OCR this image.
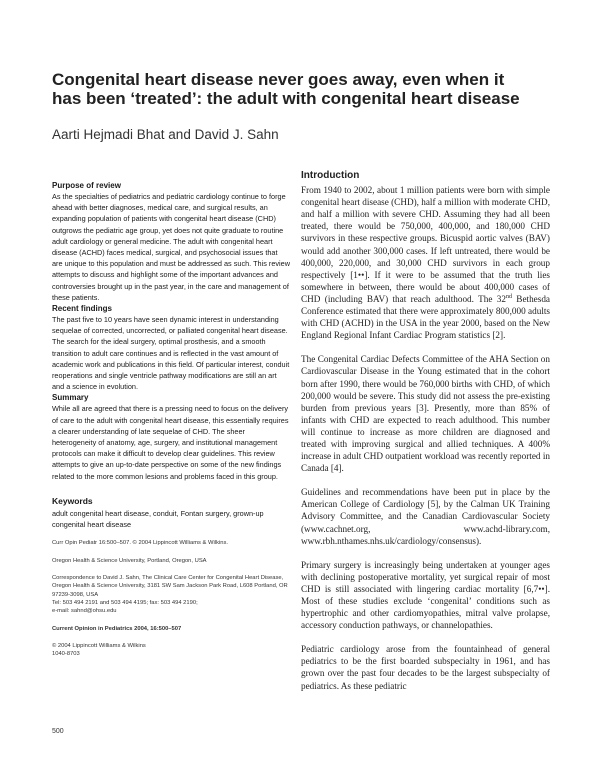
Congenital heart disease never goes away, even when it has been ‘treated’: the adult with congenital heart disease
Aarti Hejmadi Bhat and David J. Sahn

Purpose of review

As the specialties of pediatrics and pediatric cardiology continue to forge ahead with better diagnoses, medical care, and surgical results, an expanding population of patients with congenital heart disease (CHD) outgrows the pediatric age group, yet does not quite graduate to routine adult cardiology or general medicine. The adult with congenital heart disease (ACHD) faces medical, surgical, and psychosocial issues that are unique to this population and must be addressed as such. This review attempts to discuss and highlight some of the important advances and controversies brought up in the past year, in the care and management of these patients.

Recent findings

The past five to 10 years have seen dynamic interest in understanding sequelae of corrected, uncorrected, or palliated congenital heart disease. The search for the ideal surgery, optimal prosthesis, and a smooth transition to adult care continues and is reflected in the vast amount of academic work and publications in this field. Of particular interest, conduit reoperations and single ventricle pathway modifications are still an art and a science in evolution.

Summary

While all are agreed that there is a pressing need to focus on the delivery of care to the adult with congenital heart disease, this essentially requires a clearer understanding of late sequelae of CHD. The sheer heterogeneity of anatomy, age, surgery, and institutional management protocols can make it difficult to develop clear guidelines. This review attempts to give an up-to-date perspective on some of the new findings related to the more common lesions and problems faced in this group.

Keywords

adult congenital heart disease, conduit, Fontan surgery, grown-up congenital heart disease

Curr Opin Pediatr 16:500–507. © 2004 Lippincott Williams & Wilkins.

Oregon Health & Science University, Portland, Oregon, USA

Correspondence to David J. Sahn, The Clinical Care Center for Congenital Heart Disease, Oregon Health & Science University, 3181 SW Sam Jackson Park Road, L608 Portland, OR 97239-3098, USA

Tel: 503 494 2191 and 503 494 4195; fax: 503 494 2190;

e-mail: sahnd@ohsu.edu

Current Opinion in Pediatrics 2004, 16:500–507

© 2004 Lippincott Williams & Wilkins

1040-8703

500

Introduction

From 1940 to 2002, about 1 million patients were born with simple congenital heart disease (CHD), half a million with moderate CHD, and half a million with severe CHD. Assuming they had all been treated, there would be 750,000, 400,000, and 180,000 CHD survivors in these respective groups. Bicuspid aortic valves (BAV) would add another 300,000 cases. If left untreated, there would be 400,000, 220,000, and 30,000 CHD survivors in each group respectively [1••]. If it were to be assumed that the truth lies somewhere in between, there would be about 400,000 cases of CHD (including BAV) that reach adulthood. The 32nd Bethesda Conference estimated that there were approximately 800,000 adults with CHD (ACHD) in the USA in the year 2000, based on the New England Regional Infant Cardiac Program statistics [2].

The Congenital Cardiac Defects Committee of the AHA Section on Cardiovascular Disease in the Young estimated that in the cohort born after 1990, there would be 760,000 births with CHD, of which 200,000 would be severe. This study did not assess the pre-existing burden from previous years [3]. Presently, more than 85% of infants with CHD are expected to reach adulthood. This number will continue to increase as more children are diagnosed and treated with improving surgical and allied techniques. A 400% increase in adult CHD outpatient workload was recently reported in Canada [4].

Guidelines and recommendations have been put in place by the American College of Cardiology [5], by the Calman UK Training Advisory Committee, and the Canadian Cardiovascular Society (www.cachnet.org, www.achd-library.com, www.rbh.nthames.nhs.uk/cardiology/consensus).

Primary surgery is increasingly being undertaken at younger ages with declining postoperative mortality, yet surgical repair of most CHD is still associated with lingering cardiac mortality [6,7••]. Most of these studies exclude ‘congenital’ conditions such as hypertrophic and other cardiomyopathies, mitral valve prolapse, accessory conduction pathways, or channelopathies.

Pediatric cardiology arose from the fountainhead of general pediatrics to be the first boarded subspecialty in 1961, and has grown over the past four decades to be the largest subspecialty of pediatrics. As these pediatric
